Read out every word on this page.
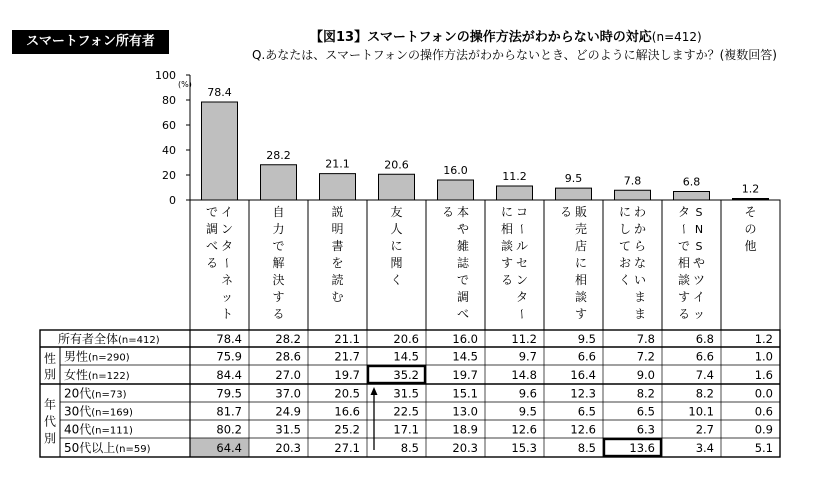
スマートフォン所有者	【図13】スマートフォンの操作方法がわからない時の対応(n=412)
Q.あなたは、スマートフォンの操作方法がわからないとき、どのように解決しますか？(複数回答)
0
20
40
60
80
100
(%)
78.4
28.2
21.1	20.6	16.0	11.2	9.5	7.8	6.8
1.2
イ
ン
タ
ー
ネ
ッ
ト
で
調
べ
る
自
力
で
解
決
す
る
説
明
書
を
読
む
友
人
に
聞
く
本
や
雑
誌
で
調
べ
る	コ
ー
ル
セ
ン
タ
ー
に
相
談
す
る
販
売
店
に
相
談
す
る	わ
か
ら
な
い
ま
ま
に
し
て
お
く
S
N
S
や
ツ
イ
ッ
タ
ー
で
相
談
す
る
そ
の
他
性
別
年
代
別
所有者全体(n=412)	78.4	28.2	21.1	20.6	16.0	11.2	9.5	7.8	6.8	1.2
男性(n=290)	75.9	28.6	21.7	14.5	14.5	9.7	6.6	7.2	6.6	1.0
女性(n=122)	84.4	27.0	19.7	35.2	19.7	14.8	16.4	9.0	7.4	1.6
20代(n=73)	79.5	37.0	20.5	31.5	15.1	9.6	12.3	8.2	8.2	0.0
30代(n=169)	81.7	24.9	16.6	22.5	13.0	9.5	6.5	6.5	10.1	0.6
40代(n=111)	80.2	31.5	25.2	17.1	18.9	12.6	12.6	6.3	2.7	0.9
50代以上(n=59)	64.4	20.3	27.1	8.5	20.3	15.3	8.5	13.6	3.4	5.1
